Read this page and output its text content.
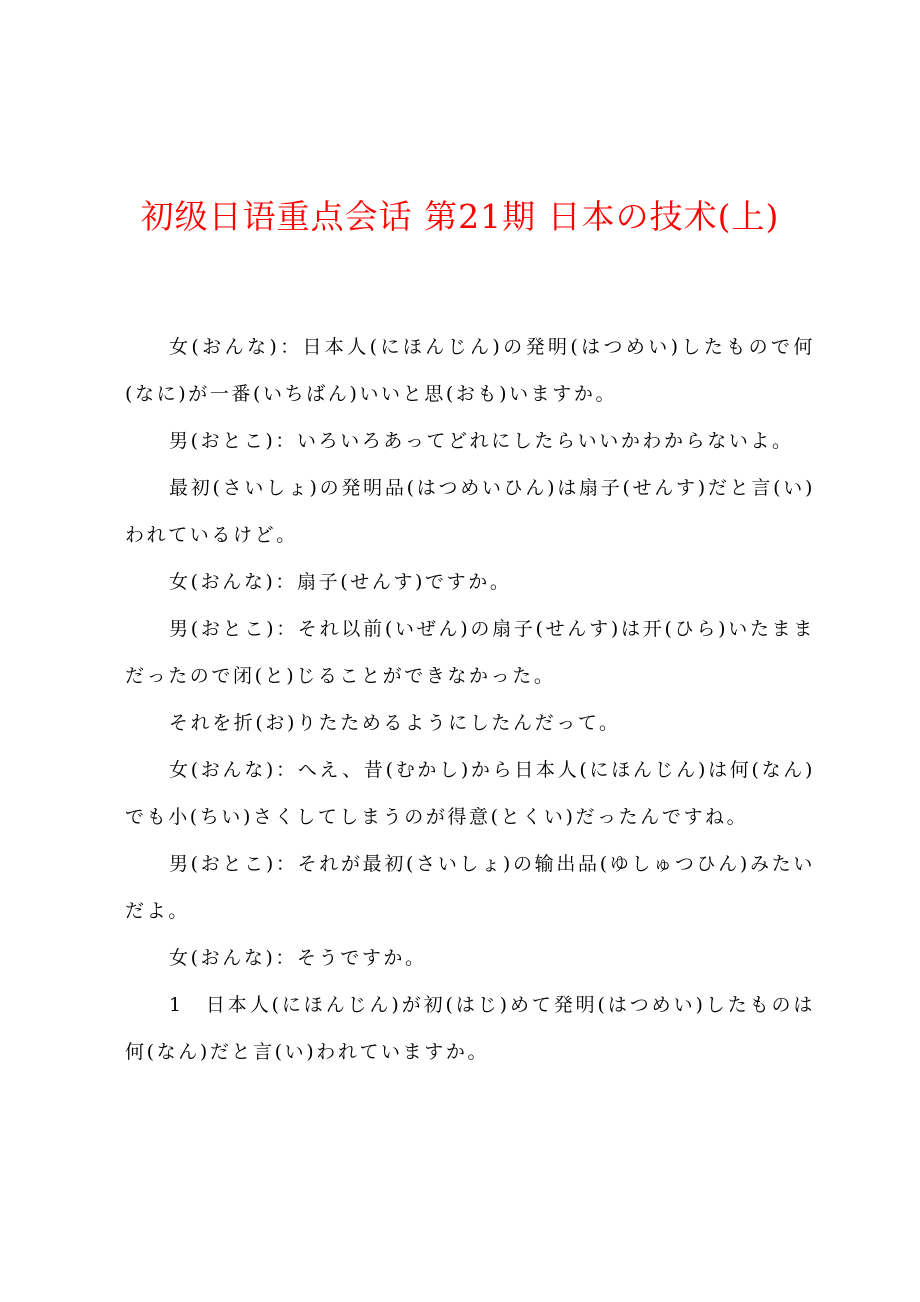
初级日语重点会话 第21期 日本の技术(上)

女(おんな)：日本人(にほんじん)の発明(はつめい)したもので何(なに)が一番(いちばん)いいと思(おも)いますか。

男(おとこ)：いろいろあってどれにしたらいいかわからないよ。

最初(さいしょ)の発明品(はつめいひん)は扇子(せんす)だと言(い)われているけど。

女(おんな)：扇子(せんす)ですか。

男(おとこ)：それ以前(いぜん)の扇子(せんす)は开(ひら)いたままだったので闭(と)じることができなかった。

それを折(お)りたためるようにしたんだって。

女(おんな)：へえ、昔(むかし)から日本人(にほんじん)は何(なん)でも小(ちい)さくしてしまうのが得意(とくい)だったんですね。

男(おとこ)：それが最初(さいしょ)の输出品(ゆしゅつひん)みたいだよ。

女(おんな)：そうですか。

1　日本人(にほんじん)が初(はじ)めて発明(はつめい)したものは何(なん)だと言(い)われていますか。
